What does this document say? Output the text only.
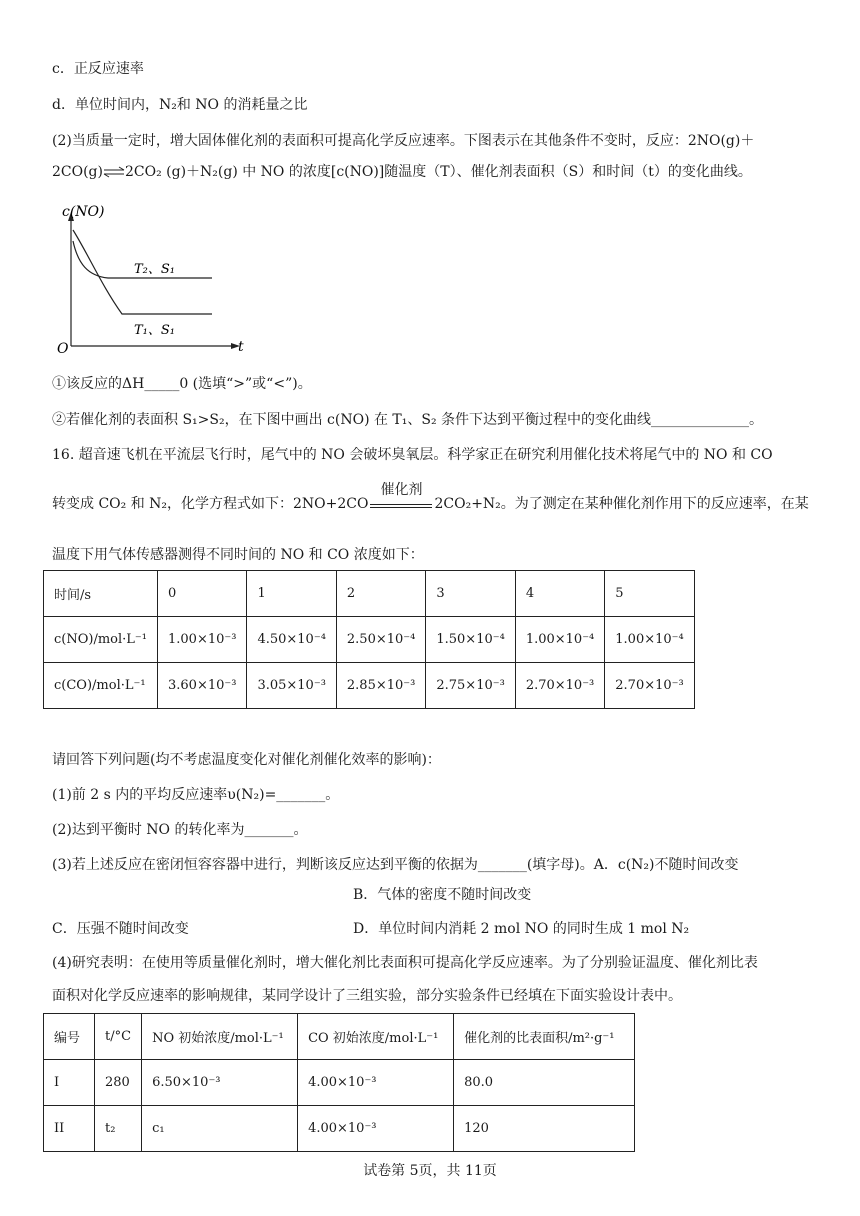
c．正反应速率
d．单位时间内，N₂和 NO 的消耗量之比
(2)当质量一定时，增大固体催化剂的表面积可提高化学反应速率。下图表示在其他条件不变时，反应：2NO(g)＋
2CO(g)⇌2CO₂ (g)＋N₂(g) 中 NO 的浓度[c(NO)]随温度（T）、催化剂表面积（S）和时间（t）的变化曲线。
c(NO)
t
O
T₂、S₁
T₁、S₁
①该反应的ΔH_____0 (选填“>”或“<”)。
②若催化剂的表面积 S₁>S₂，在下图中画出 c(NO) 在 T₁、S₂ 条件下达到平衡过程中的变化曲线______________。
16. 超音速飞机在平流层飞行时，尾气中的 NO 会破坏臭氧层。科学家正在研究利用催化技术将尾气中的 NO 和 CO
转变成 CO₂ 和 N₂，化学方程式如下：2NO+2CO
催化剂
2CO₂+N₂。为了测定在某种催化剂作用下的反应速率，在某
温度下用气体传感器测得不同时间的 NO 和 CO 浓度如下：
时间/s	0	1	2	3	4	5
c(NO)/mol·L⁻¹	1.00×10⁻³	4.50×10⁻⁴	2.50×10⁻⁴	1.50×10⁻⁴	1.00×10⁻⁴	1.00×10⁻⁴
c(CO)/mol·L⁻¹	3.60×10⁻³	3.05×10⁻³	2.85×10⁻³	2.75×10⁻³	2.70×10⁻³	2.70×10⁻³
请回答下列问题(均不考虑温度变化对催化剂催化效率的影响)：
(1)前 2 s 内的平均反应速率υ(N₂)=_______。
(2)达到平衡时 NO 的转化率为_______。
(3)若上述反应在密闭恒容容器中进行，判断该反应达到平衡的依据为_______(填字母)。A．c(N₂)不随时间改变
B．气体的密度不随时间改变
C．压强不随时间改变	D．单位时间内消耗 2 mol NO 的同时生成 1 mol N₂
(4)研究表明：在使用等质量催化剂时，增大催化剂比表面积可提高化学反应速率。为了分别验证温度、催化剂比表
面积对化学反应速率的影响规律，某同学设计了三组实验，部分实验条件已经填在下面实验设计表中。
编号	t/°C	NO 初始浓度/mol·L⁻¹	CO 初始浓度/mol·L⁻¹	催化剂的比表面积/m²·g⁻¹
I	280	6.50×10⁻³	4.00×10⁻³	80.0
II	t₂	c₁	4.00×10⁻³	120
试卷第 5页，共 11页
